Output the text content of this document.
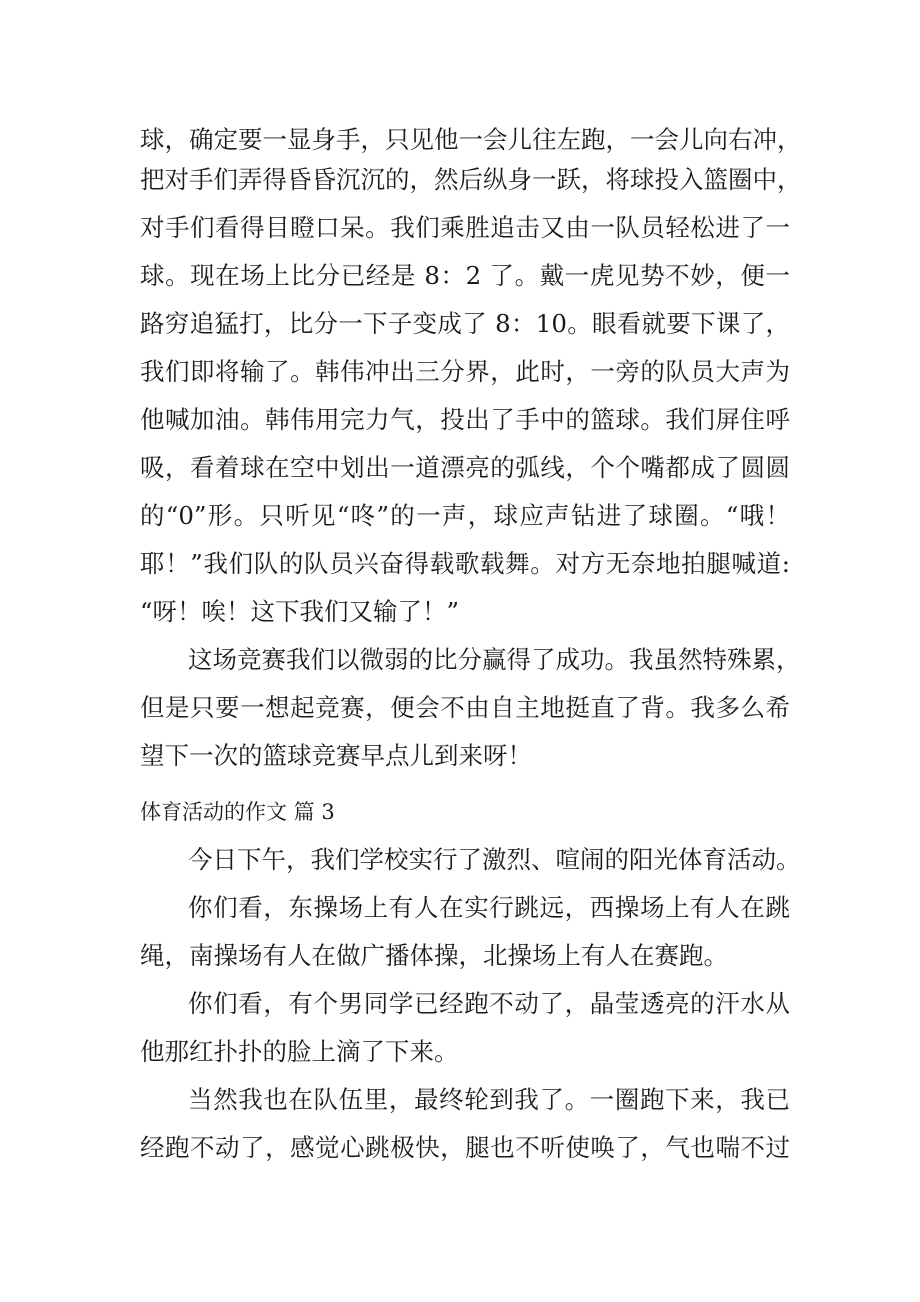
球，确定要一显身手，只见他一会儿往左跑，一会儿向右冲，
把对手们弄得昏昏沉沉的，然后纵身一跃，将球投入篮圈中，
对手们看得目瞪口呆。我们乘胜追击又由一队员轻松进了一
球。现在场上比分已经是 8：2 了。戴一虎见势不妙，便一
路穷追猛打，比分一下子变成了 8：10。眼看就要下课了，
我们即将输了。韩伟冲出三分界，此时，一旁的队员大声为
他喊加油。韩伟用完力气，投出了手中的篮球。我们屏住呼
吸，看着球在空中划出一道漂亮的弧线，个个嘴都成了圆圆
的“0”形。只听见“咚”的一声，球应声钻进了球圈。“哦！
耶！”我们队的队员兴奋得载歌载舞。对方无奈地拍腿喊道:
“呀！唉！这下我们又输了！”
这场竞赛我们以微弱的比分赢得了成功。我虽然特殊累，
但是只要一想起竞赛，便会不由自主地挺直了背。我多么希
望下一次的篮球竞赛早点儿到来呀！
体育活动的作文 篇 3
今日下午，我们学校实行了激烈、喧闹的阳光体育活动。
你们看，东操场上有人在实行跳远，西操场上有人在跳
绳，南操场有人在做广播体操，北操场上有人在赛跑。
你们看，有个男同学已经跑不动了，晶莹透亮的汗水从
他那红扑扑的脸上滴了下来。
当然我也在队伍里，最终轮到我了。一圈跑下来，我已
经跑不动了，感觉心跳极快，腿也不听使唤了，气也喘不过
